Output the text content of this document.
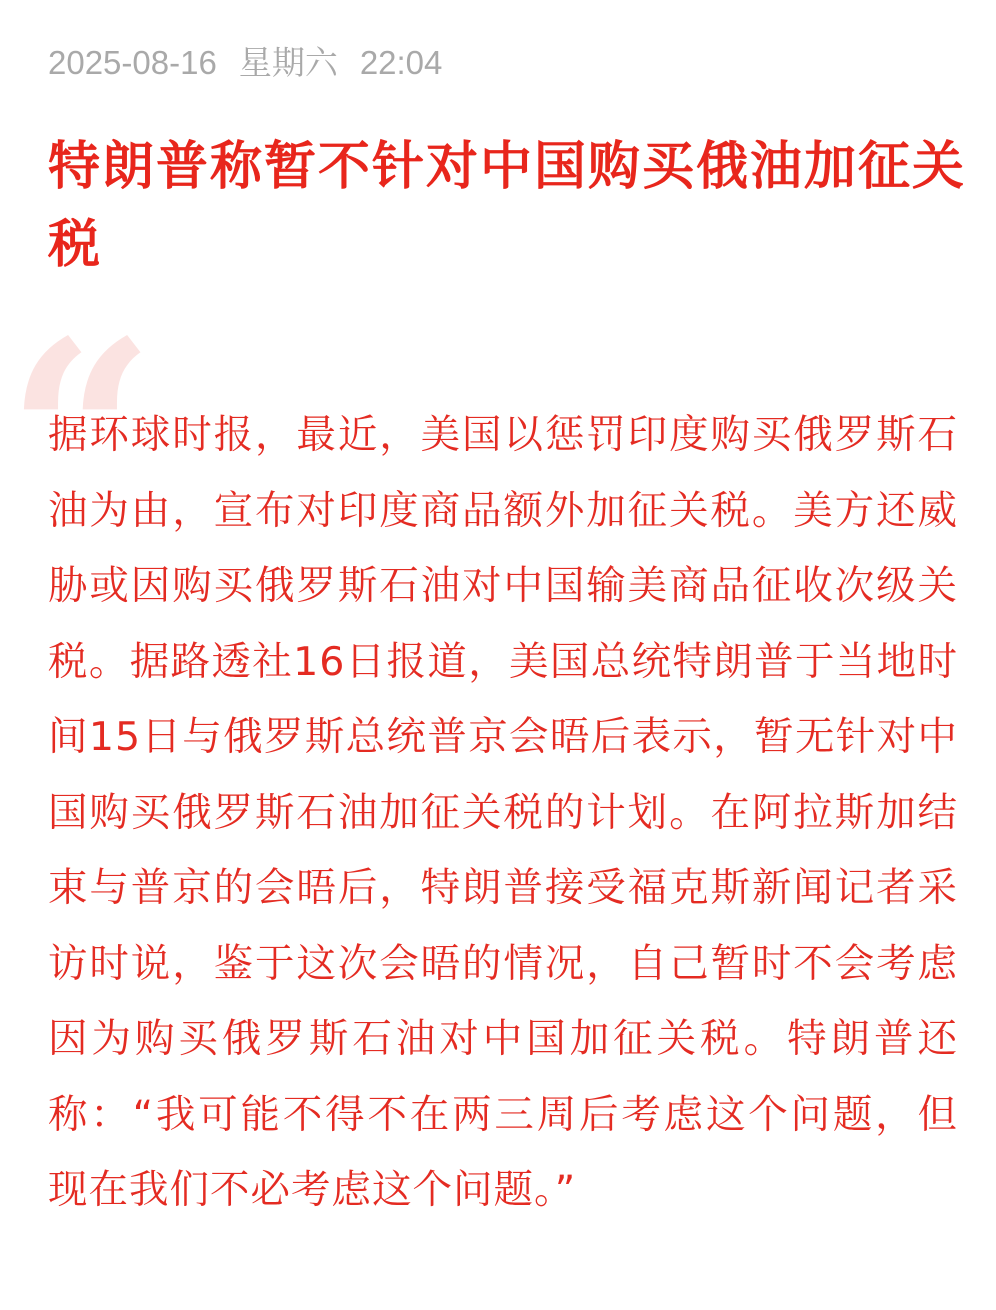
2025-08-16 星期六 22:04
特朗普称暂不针对中国购买俄油加征关税
“

据环球时报，最近，美国以惩罚印度购买俄罗斯石油为由，宣布对印度商品额外加征关税。美方还威胁或因购买俄罗斯石油对中国输美商品征收次级关税。据路透社16日报道，美国总统特朗普于当地时间15日与俄罗斯总统普京会晤后表示，暂无针对中国购买俄罗斯石油加征关税的计划。在阿拉斯加结束与普京的会晤后，特朗普接受福克斯新闻记者采访时说，鉴于这次会晤的情况，自己暂时不会考虑因为购买俄罗斯石油对中国加征关税。特朗普还称：“我可能不得不在两三周后考虑这个问题，但现在我们不必考虑这个问题。”
